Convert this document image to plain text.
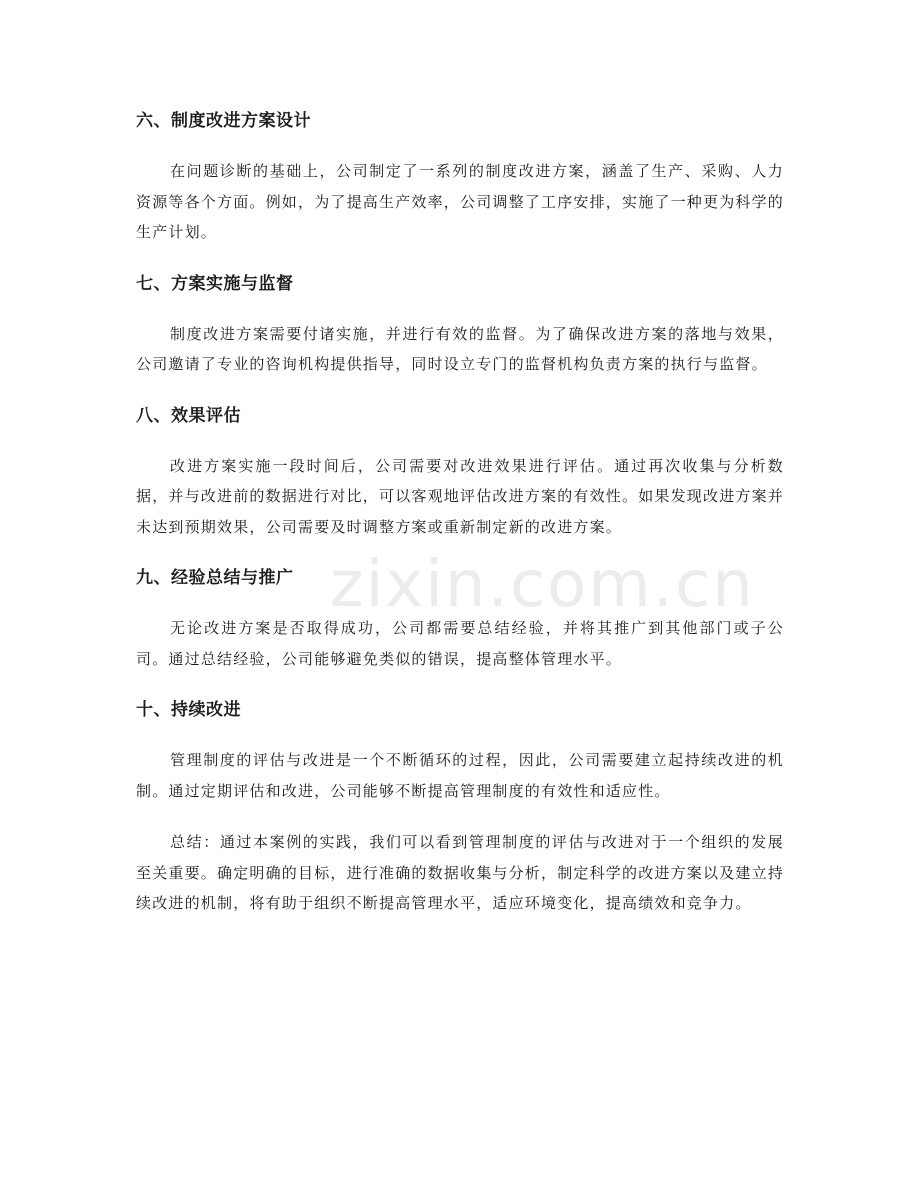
zixin.com.cn
六、制度改进方案设计

在问题诊断的基础上，公司制定了一系列的制度改进方案，涵盖了生产、采购、人力资源等各个方面。例如，为了提高生产效率，公司调整了工序安排，实施了一种更为科学的生产计划。

七、方案实施与监督

制度改进方案需要付诸实施，并进行有效的监督。为了确保改进方案的落地与效果，公司邀请了专业的咨询机构提供指导，同时设立专门的监督机构负责方案的执行与监督。

八、效果评估

改进方案实施一段时间后，公司需要对改进效果进行评估。通过再次收集与分析数据，并与改进前的数据进行对比，可以客观地评估改进方案的有效性。如果发现改进方案并未达到预期效果，公司需要及时调整方案或重新制定新的改进方案。

九、经验总结与推广

无论改进方案是否取得成功，公司都需要总结经验，并将其推广到其他部门或子公司。通过总结经验，公司能够避免类似的错误，提高整体管理水平。

十、持续改进

管理制度的评估与改进是一个不断循环的过程，因此，公司需要建立起持续改进的机制。通过定期评估和改进，公司能够不断提高管理制度的有效性和适应性。

总结：通过本案例的实践，我们可以看到管理制度的评估与改进对于一个组织的发展至关重要。确定明确的目标，进行准确的数据收集与分析，制定科学的改进方案以及建立持续改进的机制，将有助于组织不断提高管理水平，适应环境变化，提高绩效和竞争力。
